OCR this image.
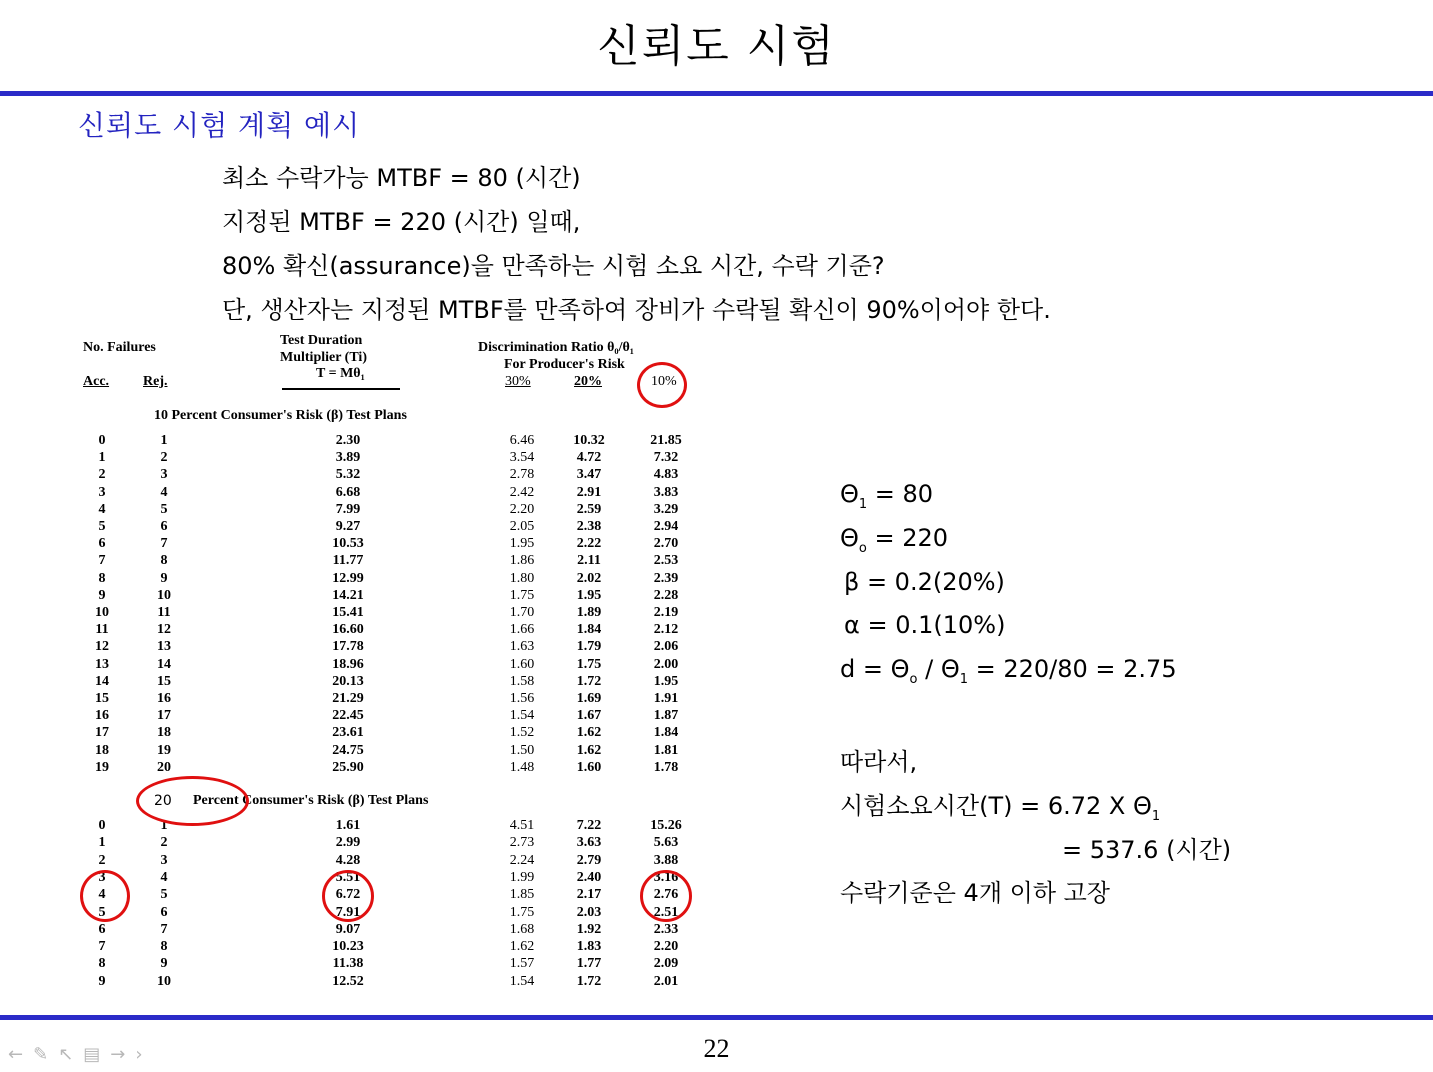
신뢰도 시험
신뢰도 시험 계획 예시
최소 수락가능 MTBF = 80 (시간)
지정된 MTBF = 220 (시간) 일때,
80% 확신(assurance)을 만족하는 시험 소요 시간, 수락 기준?
단, 생산자는 지정된 MTBF를 만족하여 장비가 수락될 확신이 90%이어야 한다.
No. Failures
Acc. Rej.
Test Duration
Multiplier (Ti)
T = Mθ₁
Discrimination Ratio θ₀/θ₁
For Producer's Risk
30%	20%	10%
10 Percent Consumer's Risk (β) Test Plans
0	1	2.30	6.46	10.32	21.85
1	2	3.89	3.54	4.72	7.32
2	3	5.32	2.78	3.47	4.83
3	4	6.68	2.42	2.91	3.83
4	5	7.99	2.20	2.59	3.29
5	6	9.27	2.05	2.38	2.94
6	7	10.53	1.95	2.22	2.70
7	8	11.77	1.86	2.11	2.53
8	9	12.99	1.80	2.02	2.39
9	10	14.21	1.75	1.95	2.28
10	11	15.41	1.70	1.89	2.19
11	12	16.60	1.66	1.84	2.12
12	13	17.78	1.63	1.79	2.06
13	14	18.96	1.60	1.75	2.00
14	15	20.13	1.58	1.72	1.95
15	16	21.29	1.56	1.69	1.91
16	17	22.45	1.54	1.67	1.87
17	18	23.61	1.52	1.62	1.84
18	19	24.75	1.50	1.62	1.81
19	20	25.90	1.48	1.60	1.78
20 Percent Consumer's Risk (β) Test Plans
0	1	1.61	4.51	7.22	15.26
1	2	2.99	2.73	3.63	5.63
2	3	4.28	2.24	2.79	3.88
3	4	5.51	1.99	2.40	3.16
4	5	6.72	1.85	2.17	2.76
5	6	7.91	1.75	2.03	2.51
6	7	9.07	1.68	1.92	2.33
7	8	10.23	1.62	1.83	2.20
8	9	11.38	1.57	1.77	2.09
9	10	12.52	1.54	1.72	2.01
$\Theta_1 = 80$
$\Theta_o = 220$
β = 0.2(20%)
α = 0.1(10%)
$d = \Theta_o / \Theta_1 = 220/80 = 2.75$
따라서,
시험소요시간(T) = 6.72 X $\Theta_1$
= 537.6 (시간)
수락기준은 4개 이하 고장
22
←✎↖▤→›
